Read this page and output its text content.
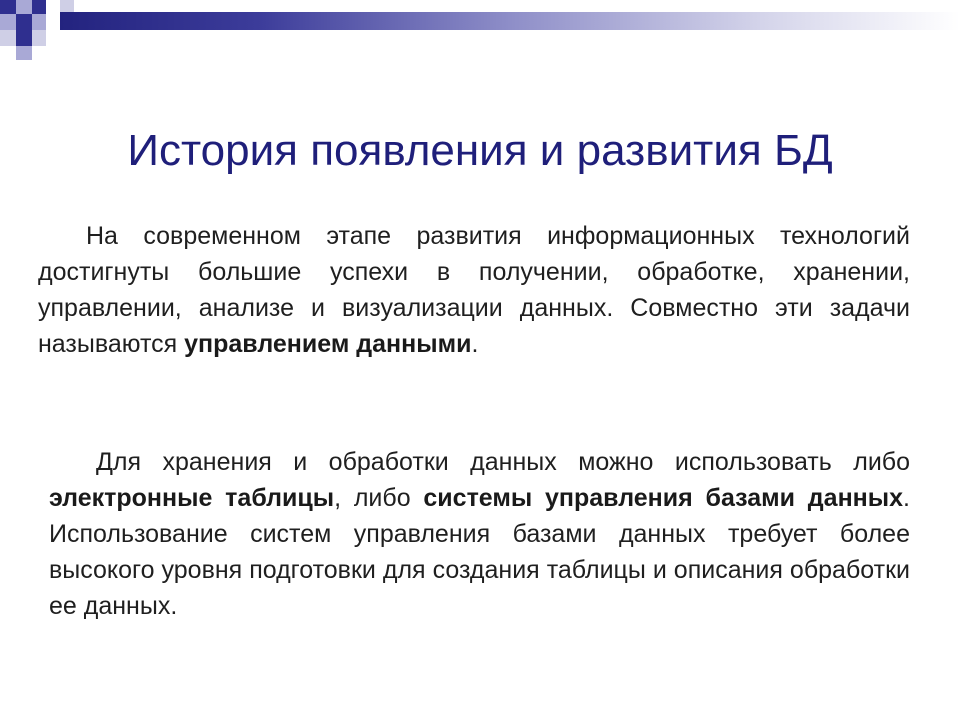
История появления и развития БД

На современном этапе развития информационных технологий достигнуты большие успехи в получении, обработке, хранении, управлении, анализе и визуализации данных. Совместно эти задачи называются управлением данными.

Для хранения и обработки данных можно использовать либо электронные таблицы, либо системы управления базами данных. Использование систем управления базами данных требует более высокого уровня подготовки для создания таблицы и описания обработки ее данных.
